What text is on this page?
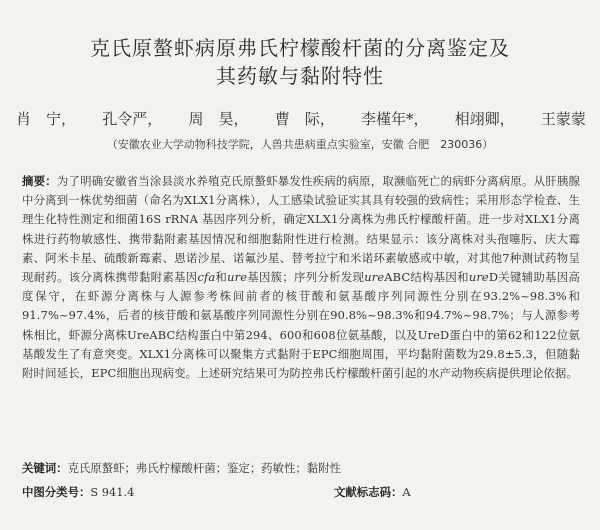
克氏原螯虾病原弗氏柠檬酸杆菌的分离鉴定及
其药敏与黏附特性
肖　宁， 孔令严， 周　昊， 曹　际， 李槿年*， 相翊卿， 王蒙蒙
（安徽农业大学动物科技学院，人兽共患病重点实验室，安徽 合肥　230036）
摘要：为了明确安徽省当涂县淡水养殖克氏原螯虾暴发性疾病的病原，取濒临死亡的病虾分离病原。从肝胰腺中分离到一株优势细菌（命名为XLX1分离株），人工感染试验证实其具有较强的致病性；采用形态学检查、生理生化特性测定和细菌16S rRNA 基因序列分析，确定XLX1分离株为弗氏柠檬酸杆菌。进一步对XLX1分离株进行药物敏感性、携带黏附素基因情况和细胞黏附性进行检测。结果显示：该分离株对头孢噻肟、庆大霉素、阿米卡星、硫酸新霉素、恩诺沙星、诺氟沙星、替考拉宁和米诺环素敏感或中敏，对其他7种测试药物呈现耐药。该分离株携带黏附素基因cfa和ure基因簇；序列分析发现ureABC结构基因和ureD关键辅助基因高度保守，在虾源分离株与人源参考株间前者的核苷酸和氨基酸序列同源性分别在93.2%~98.3%和91.7%~97.4%，后者的核苷酸和氨基酸序列同源性分别在90.8%~98.3%和94.7%~98.7%；与人源参考株相比，虾源分离株UreABC结构蛋白中第294、600和608位氨基酸，以及UreD蛋白中的第62和122位氨基酸发生了有意突变。XLX1分离株可以聚集方式黏附于EPC细胞周围，平均黏附菌数为29.8±5.3，但随黏附时间延长，EPC细胞出现病变。上述研究结果可为防控弗氏柠檬酸杆菌引起的水产动物疾病提供理论依据。
关键词：克氏原螯虾；弗氏柠檬酸杆菌；鉴定；药敏性；黏附性
中图分类号：S 941.4	文献标志码：A
